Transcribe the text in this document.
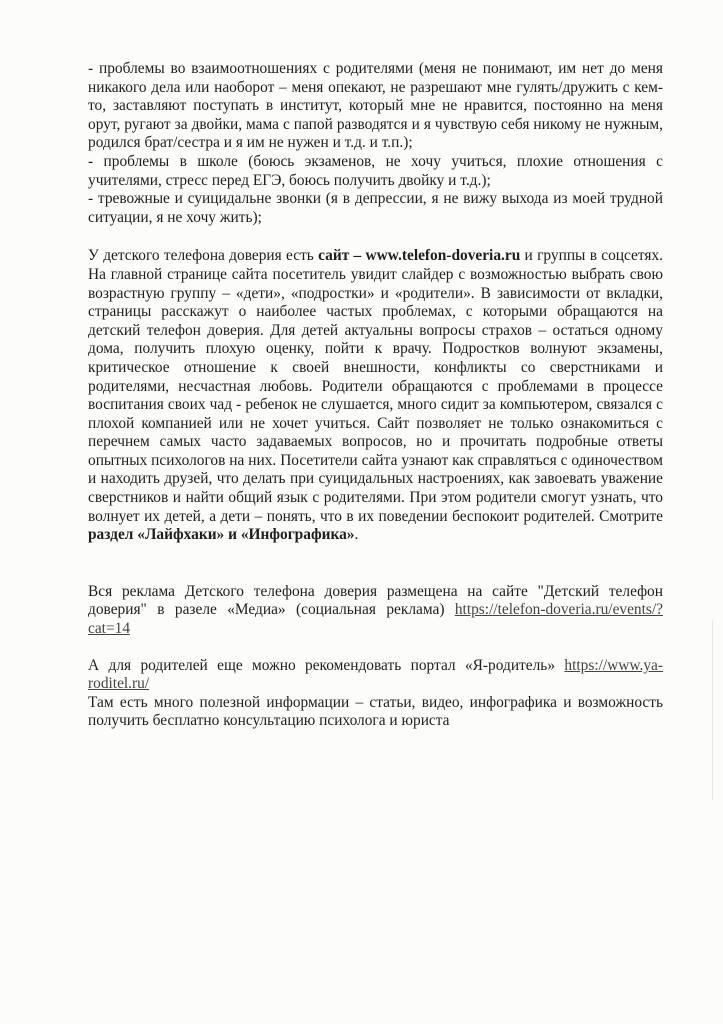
- проблемы во взаимоотношениях с родителями (меня не понимают, им нет до меня никакого дела или наоборот – меня опекают, не разрешают мне гулять/дружить с кем-то, заставляют поступать в институт, который мне не нравится, постоянно на меня орут, ругают за двойки, мама с папой разводятся и я чувствую себя никому не нужным, родился брат/сестра и я им не нужен и т.д. и т.п.);

- проблемы в школе (боюсь экзаменов, не хочу учиться, плохие отношения с учителями, стресс перед ЕГЭ, боюсь получить двойку и т.д.);

- тревожные и суицидальне звонки (я в депрессии, я не вижу выхода из моей трудной ситуации, я не хочу жить);

У детского телефона доверия есть сайт – www.telefon-doveria.ru и группы в соцсетях. На главной странице сайта посетитель увидит слайдер с возможностью выбрать свою возрастную группу – «дети», «подростки» и «родители». В зависимости от вкладки, страницы расскажут о наиболее частых проблемах, с которыми обращаются на детский телефон доверия. Для детей актуальны вопросы страхов – остаться одному дома, получить плохую оценку, пойти к врачу. Подростков волнуют экзамены, критическое отношение к своей внешности, конфликты со сверстниками и родителями, несчастная любовь. Родители обращаются с проблемами в процессе воспитания своих чад - ребенок не слушается, много сидит за компьютером, связался с плохой компанией или не хочет учиться. Сайт позволяет не только ознакомиться с перечнем самых часто задаваемых вопросов, но и прочитать подробные ответы опытных психологов на них. Посетители сайта узнают как справляться с одиночеством и находить друзей, что делать при суицидальных настроениях, как завоевать уважение сверстников и найти общий язык с родителями. При этом родители смогут узнать, что волнует их детей, а дети – понять, что в их поведении беспокоит родителей. Смотрите раздел «Лайфхаки» и «Инфографика».

Вся реклама Детского телефона доверия размещена на сайте "Детский телефон доверия" в разеле «Медиа» (социальная реклама) https://telefon-doveria.ru/events/?cat=14

А для родителей еще можно рекомендовать портал «Я-родитель» https://www.ya-roditel.ru/

Там есть много полезной информации – статьи, видео, инфографика и возможность получить бесплатно консультацию психолога и юриста
